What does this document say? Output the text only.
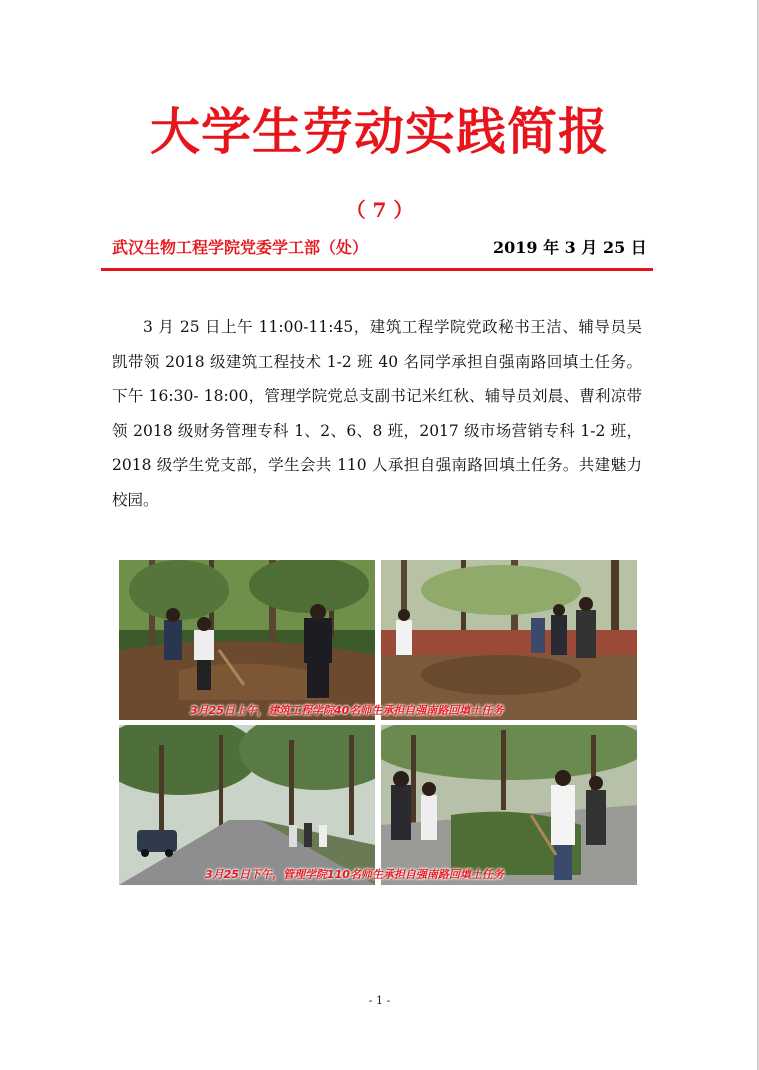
大学生劳动实践简报
（ 7 ）
武汉生物工程学院党委学工部（处）	2019 年 3 月 25 日

3 月 25 日上午 11:00-11:45，建筑工程学院党政秘书王洁、辅导员吴凯带领 2018 级建筑工程技术 1-2 班 40 名同学承担自强南路回填土任务。下午 16:30- 18:00，管理学院党总支副书记米红秋、辅导员刘晨、曹利凉带领 2018 级财务管理专科 1、2、6、8 班，2017 级市场营销专科 1-2 班，2018 级学生党支部，学生会共 110 人承担自强南路回填土任务。共建魅力校园。

3月25日上午，建筑工程学院40名师生承担自强南路回填土任务
3月25日下午，管理学院110名师生承担自强南路回填土任务
- 1 -
